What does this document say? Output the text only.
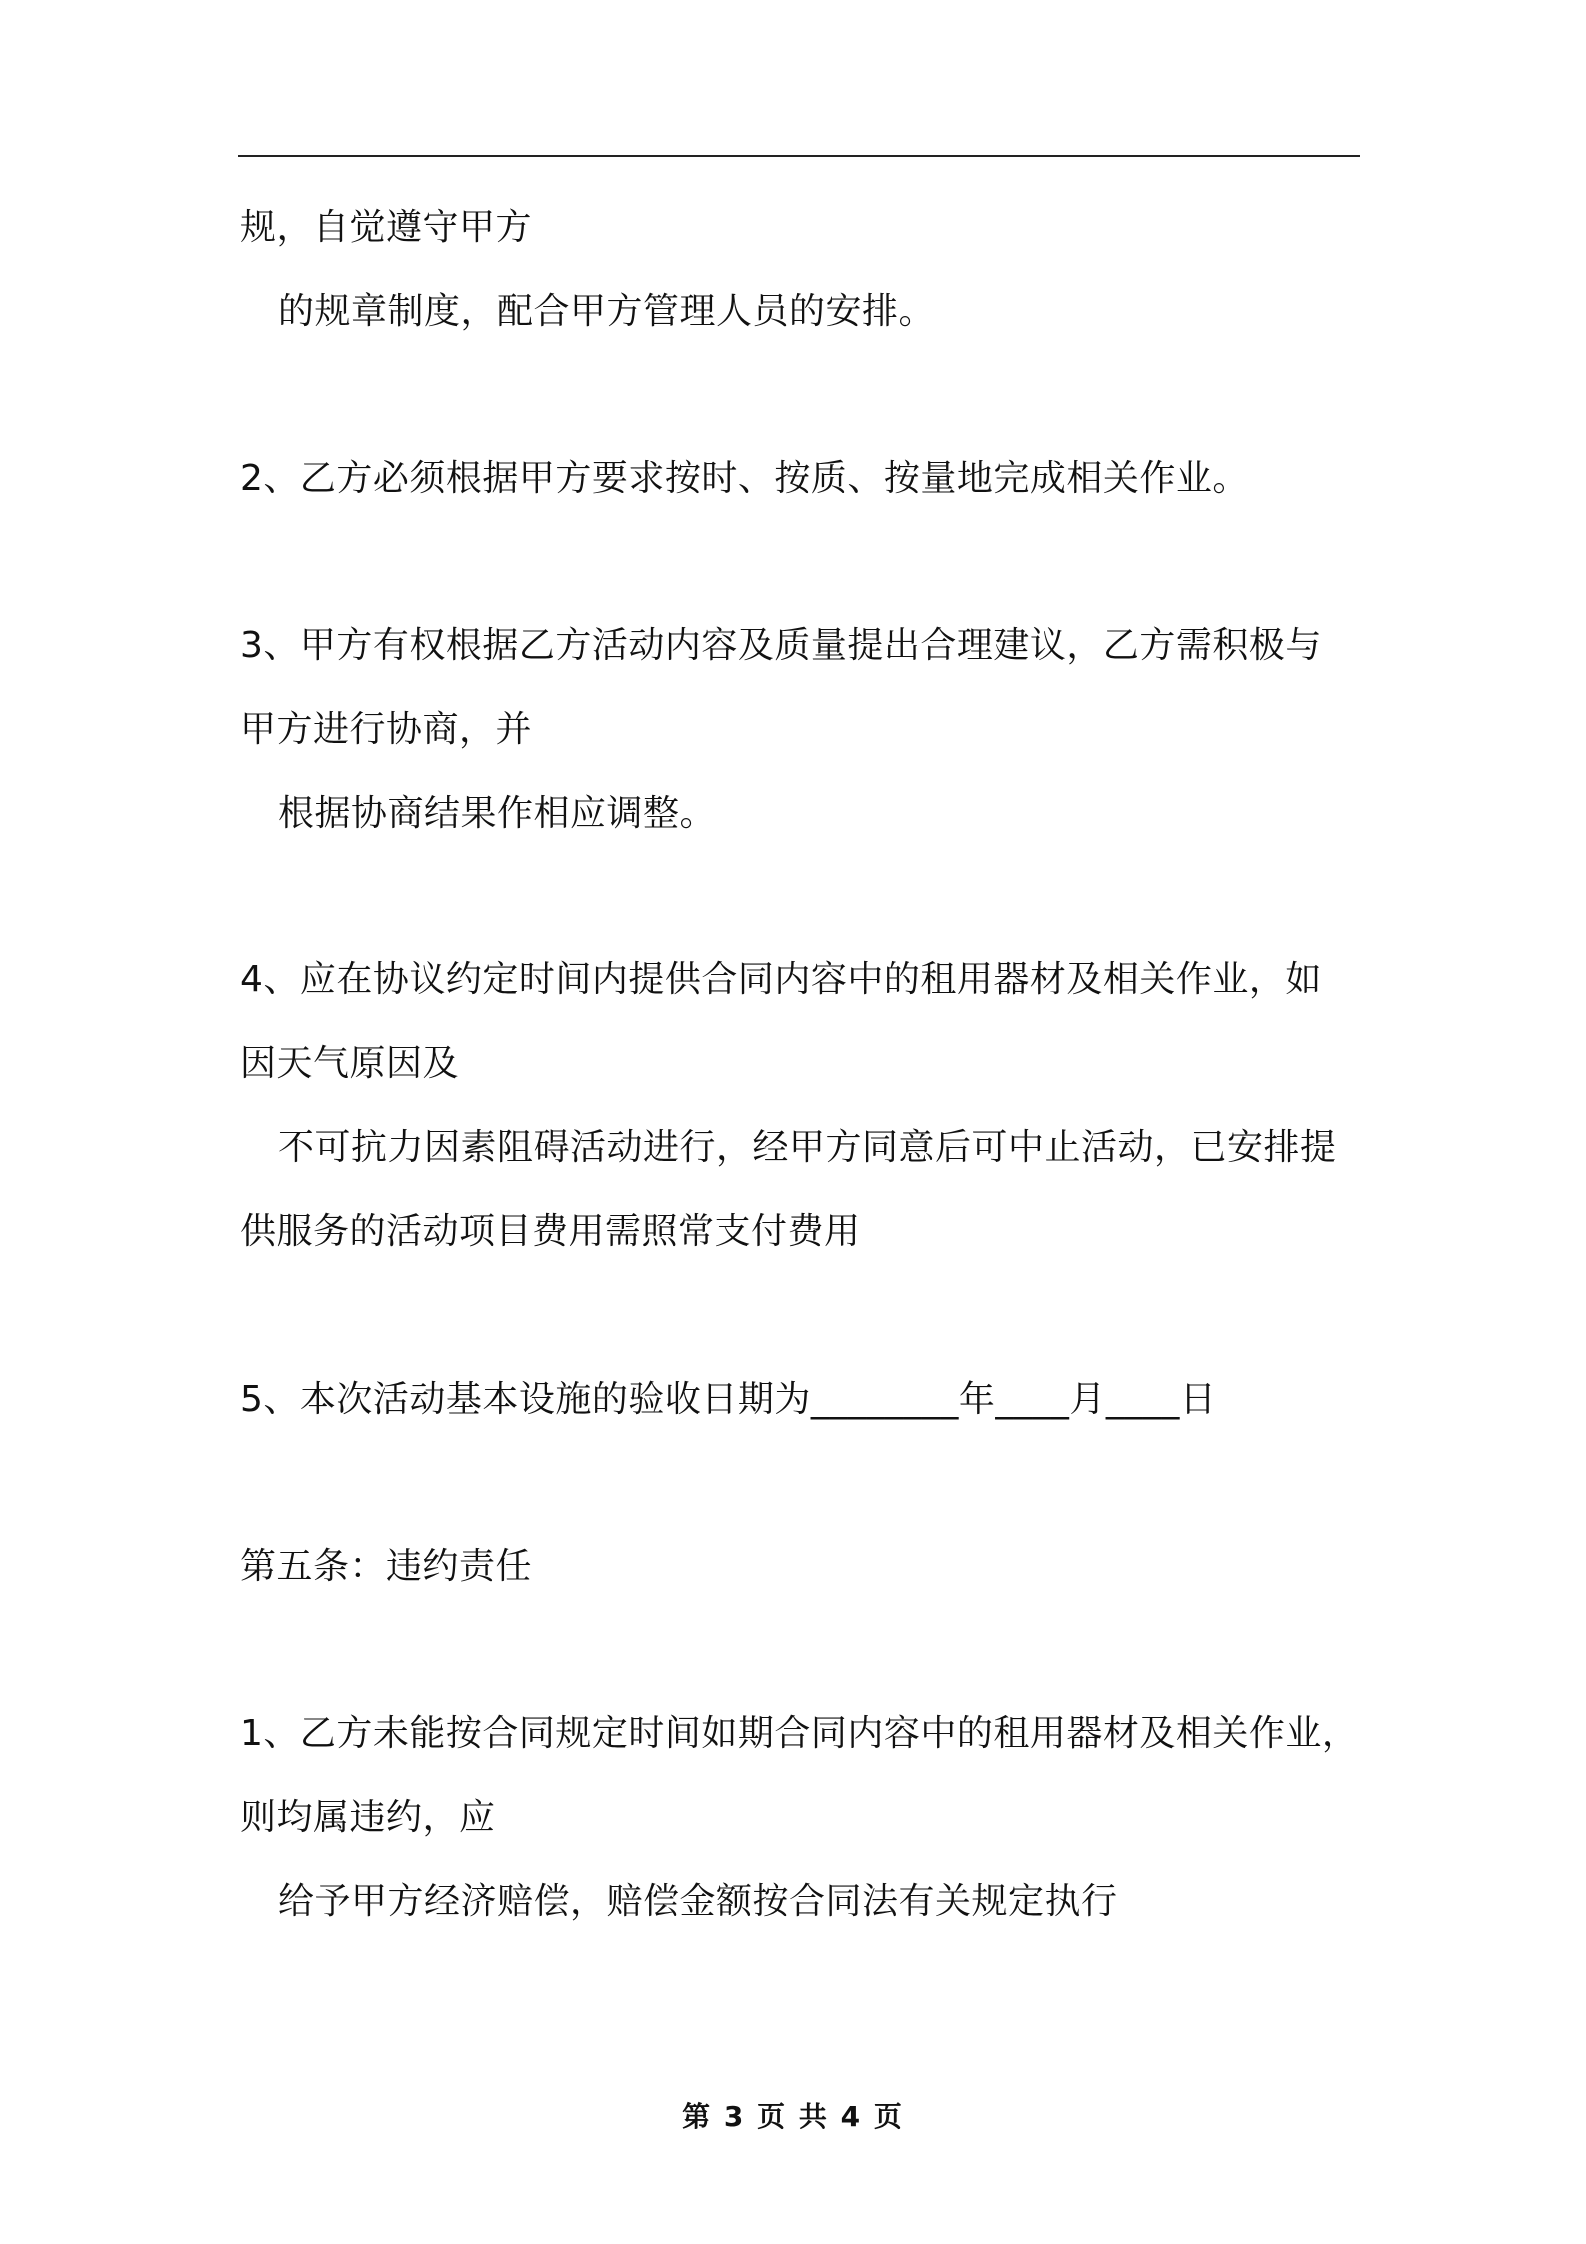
规，自觉遵守甲方
的规章制度，配合甲方管理人员的安排。
2、乙方必须根据甲方要求按时、按质、按量地完成相关作业。
3、甲方有权根据乙方活动内容及质量提出合理建议，乙方需积极与
甲方进行协商，并
根据协商结果作相应调整。
4、应在协议约定时间内提供合同内容中的租用器材及相关作业，如
因天气原因及
不可抗力因素阻碍活动进行，经甲方同意后可中止活动，已安排提
供服务的活动项目费用需照常支付费用
5、本次活动基本设施的验收日期为________年____月____日
第五条：违约责任
1、乙方未能按合同规定时间如期合同内容中的租用器材及相关作业，
则均属违约，应
给予甲方经济赔偿，赔偿金额按合同法有关规定执行
第 3 页 共 4 页
